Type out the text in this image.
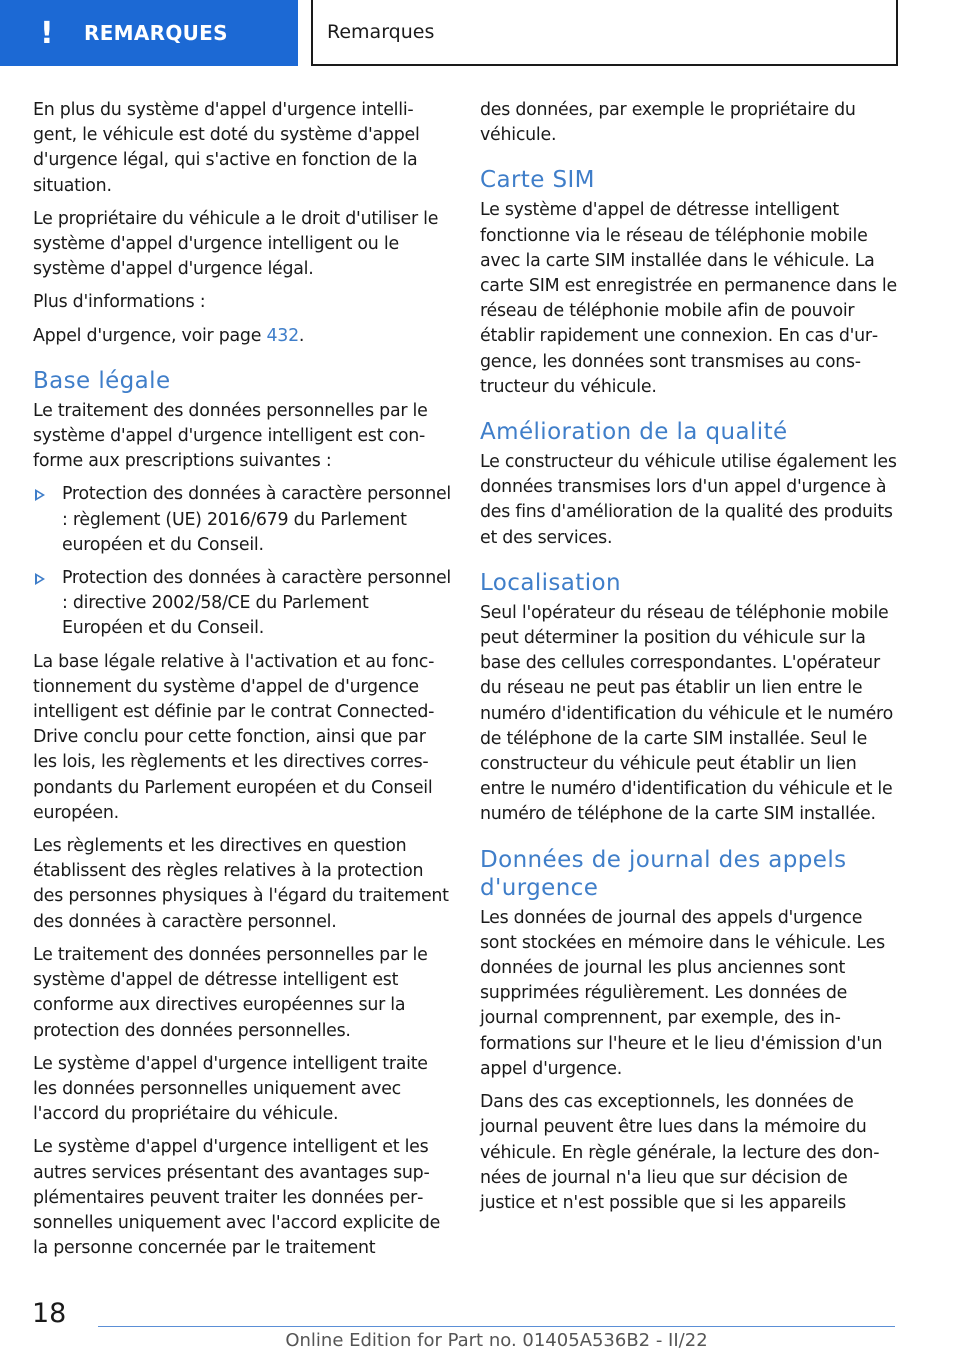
!	REMARQUES	Remarques

En plus du système d'appel d'urgence intelligent, le véhicule est doté du système d'appel d'urgence légal, qui s'active en fonction de la situation.

Le propriétaire du véhicule a le droit d'utiliser le système d'appel d'urgence intelligent ou le système d'appel d'urgence légal.

Plus d'informations :

Appel d'urgence, voir page 432.

Base légale

Le traitement des données personnelles par le système d'appel d'urgence intelligent est conforme aux prescriptions suivantes :

Protection des données à caractère personnel : règlement (UE) 2016/679 du Parlement européen et du Conseil.
Protection des données à caractère personnel : directive 2002/58/CE du Parlement Européen et du Conseil.

La base légale relative à l'activation et au fonctionnement du système d'appel de d'urgence intelligent est définie par le contrat ConnectedDrive conclu pour cette fonction, ainsi que par les lois, les règlements et les directives correspondants du Parlement européen et du Conseil européen.

Les règlements et les directives en question établissent des règles relatives à la protection des personnes physiques à l'égard du traitement des données à caractère personnel.

Le traitement des données personnelles par le système d'appel de détresse intelligent est conforme aux directives européennes sur la protection des données personnelles.

Le système d'appel d'urgence intelligent traite les données personnelles uniquement avec l'accord du propriétaire du véhicule.

Le système d'appel d'urgence intelligent et les autres services présentant des avantages supplémentaires peuvent traiter les données personnelles uniquement avec l'accord explicite de la personne concernée par le traitement

des données, par exemple le propriétaire du véhicule.

Carte SIM

Le système d'appel de détresse intelligent fonctionne via le réseau de téléphonie mobile avec la carte SIM installée dans le véhicule. La carte SIM est enregistrée en permanence dans le réseau de téléphonie mobile afin de pouvoir établir rapidement une connexion. En cas d'urgence, les données sont transmises au constructeur du véhicule.

Amélioration de la qualité

Le constructeur du véhicule utilise également les données transmises lors d'un appel d'urgence à des fins d'amélioration de la qualité des produits et des services.

Localisation

Seul l'opérateur du réseau de téléphonie mobile peut déterminer la position du véhicule sur la base des cellules correspondantes. L'opérateur du réseau ne peut pas établir un lien entre le numéro d'identification du véhicule et le numéro de téléphone de la carte SIM installée. Seul le constructeur du véhicule peut établir un lien entre le numéro d'identification du véhicule et le numéro de téléphone de la carte SIM installée.

Données de journal des appels d'urgence

Les données de journal des appels d'urgence sont stockées en mémoire dans le véhicule. Les données de journal les plus anciennes sont supprimées régulièrement. Les données de journal comprennent, par exemple, des informations sur l'heure et le lieu d'émission d'un appel d'urgence.

Dans des cas exceptionnels, les données de journal peuvent être lues dans la mémoire du véhicule. En règle générale, la lecture des données de journal n'a lieu que sur décision de justice et n'est possible que si les appareils

18
Online Edition for Part no. 01405A536B2 - II/22
